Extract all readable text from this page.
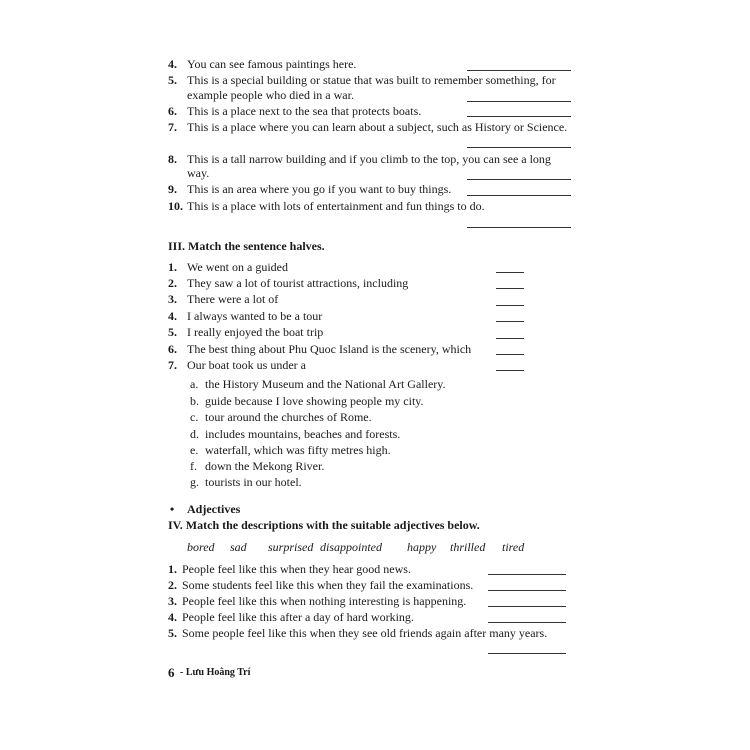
4. You can see famous paintings here.
5. This is a special building or statue that was built to remember something, for
example people who died in a war.
6. This is a place next to the sea that protects boats.
7. This is a place where you can learn about a subject, such as History or Science.
8. This is a tall narrow building and if you climb to the top, you can see a long
way.
9. This is an area where you go if you want to buy things.
10. This is a place with lots of entertainment and fun things to do.
III. Match the sentence halves.
1. We went on a guided
2. They saw a lot of tourist attractions, including
3. There were a lot of
4. I always wanted to be a tour
5. I really enjoyed the boat trip
6. The best thing about Phu Quoc Island is the scenery, which
7. Our boat took us under a
a. the History Museum and the National Art Gallery.
b. guide because I love showing people my city.
c. tour around the churches of Rome.
d. includes mountains, beaches and forests.
e. waterfall, which was fifty metres high.
f. down the Mekong River.
g. tourists in our hotel.
• Adjectives
IV. Match the descriptions with the suitable adjectives below.
bored sad surprised disappointed happy thrilled tired
1. People feel like this when they hear good news.
2. Some students feel like this when they fail the examinations.
3. People feel like this when nothing interesting is happening.
4. People feel like this after a day of hard working.
5. Some people feel like this when they see old friends again after many years.
6 - Lưu Hoằng Trí
